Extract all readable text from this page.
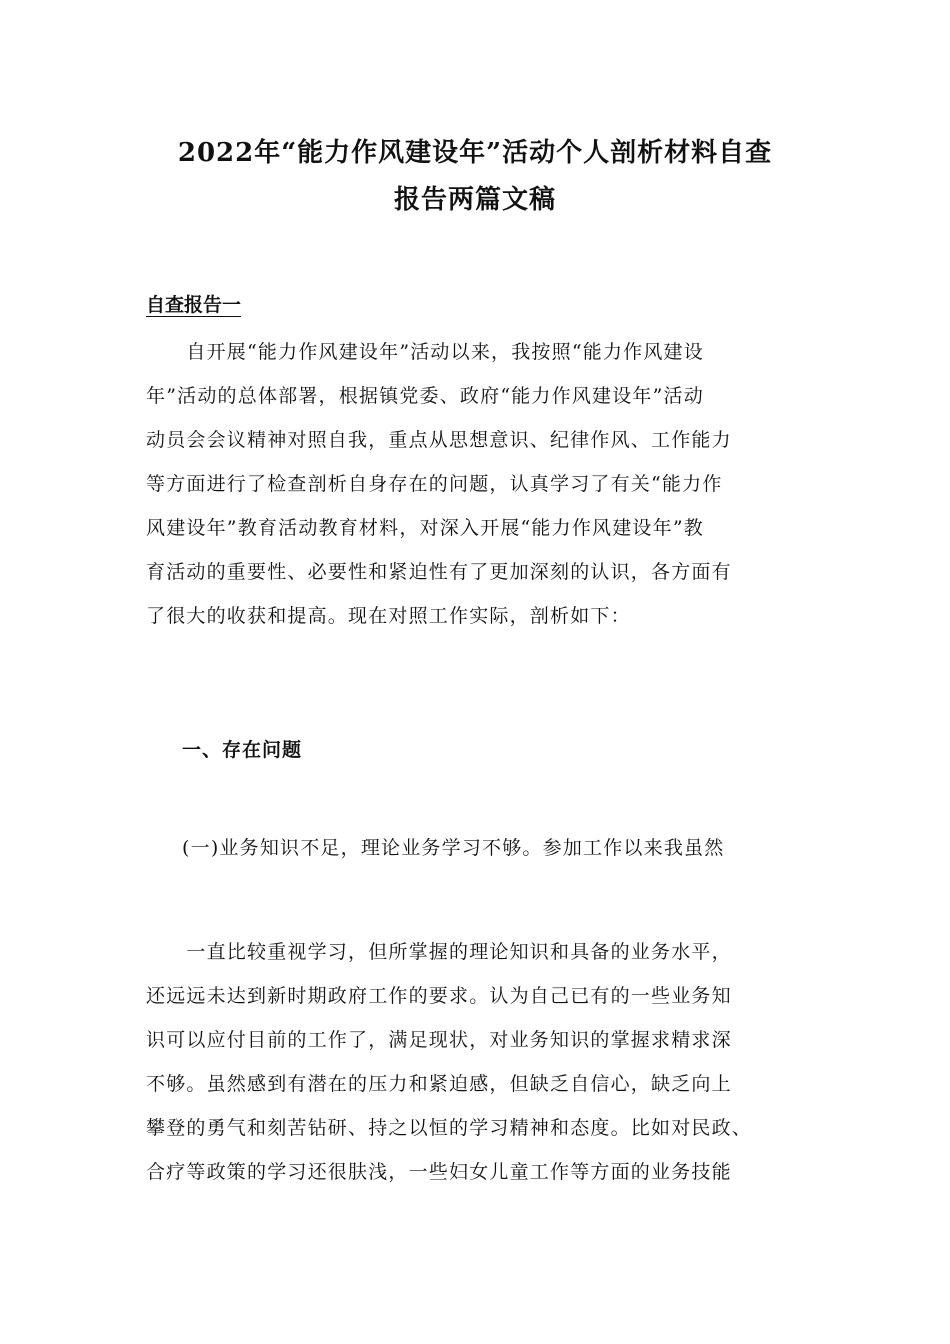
2022年“能力作风建设年”活动个人剖析材料自查
报告两篇文稿
自查报告一
　　自开展“能力作风建设年”活动以来，我按照“能力作风建设
年”活动的总体部署，根据镇党委、政府“能力作风建设年”活动
动员会会议精神对照自我，重点从思想意识、纪律作风、工作能力
等方面进行了检查剖析自身存在的问题，认真学习了有关“能力作
风建设年”教育活动教育材料，对深入开展“能力作风建设年”教
育活动的重要性、必要性和紧迫性有了更加深刻的认识，各方面有
了很大的收获和提高。现在对照工作实际，剖析如下：
一、存在问题
(一)业务知识不足，理论业务学习不够。参加工作以来我虽然
　　一直比较重视学习，但所掌握的理论知识和具备的业务水平，
还远远未达到新时期政府工作的要求。认为自己已有的一些业务知
识可以应付目前的工作了，满足现状，对业务知识的掌握求精求深
不够。虽然感到有潜在的压力和紧迫感，但缺乏自信心，缺乏向上
攀登的勇气和刻苦钻研、持之以恒的学习精神和态度。比如对民政、
合疗等政策的学习还很肤浅，一些妇女儿童工作等方面的业务技能
